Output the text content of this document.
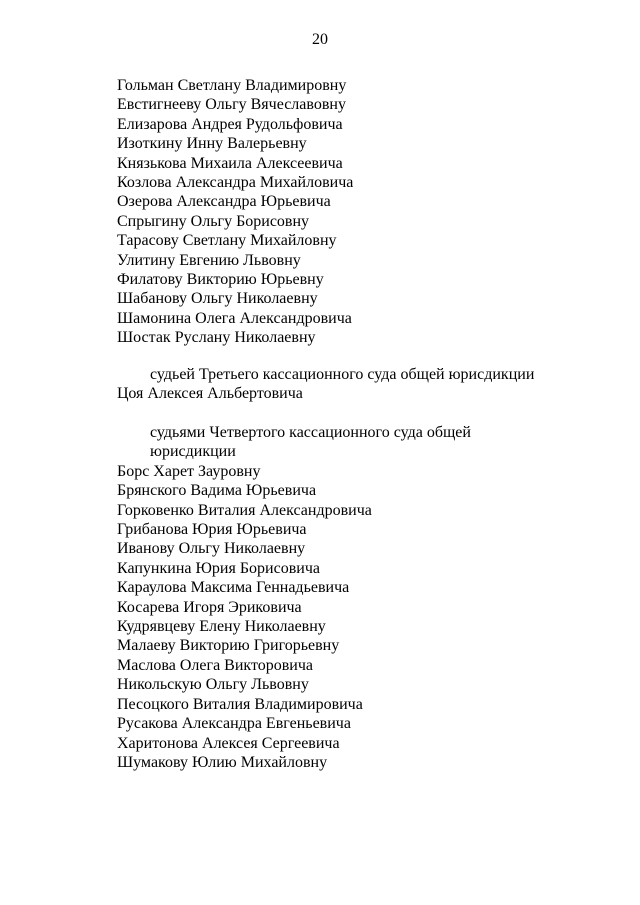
20
Гольман Светлану Владимировну
Евстигнееву Ольгу Вячеславовну
Елизарова Андрея Рудольфовича
Изоткину Инну Валерьевну
Князькова Михаила Алексеевича
Козлова Александра Михайловича
Озерова Александра Юрьевича
Спрыгину Ольгу Борисовну
Тарасову Светлану Михайловну
Улитину Евгению Львовну
Филатову Викторию Юрьевну
Шабанову Ольгу Николаевну
Шамонина Олега Александровича
Шостак Руслану Николаевну
судьей Третьего кассационного суда общей юрисдикции
Цоя Алексея Альбертовича
судьями Четвертого кассационного суда общей
юрисдикции
Борс Харет Зауровну
Брянского Вадима Юрьевича
Горковенко Виталия Александровича
Грибанова Юрия Юрьевича
Иванову Ольгу Николаевну
Капункина Юрия Борисовича
Караулова Максима Геннадьевича
Косарева Игоря Эриковича
Кудрявцеву Елену Николаевну
Малаеву Викторию Григорьевну
Маслова Олега Викторовича
Никольскую Ольгу Львовну
Песоцкого Виталия Владимировича
Русакова Александра Евгеньевича
Харитонова Алексея Сергеевича
Шумакову Юлию Михайловну
